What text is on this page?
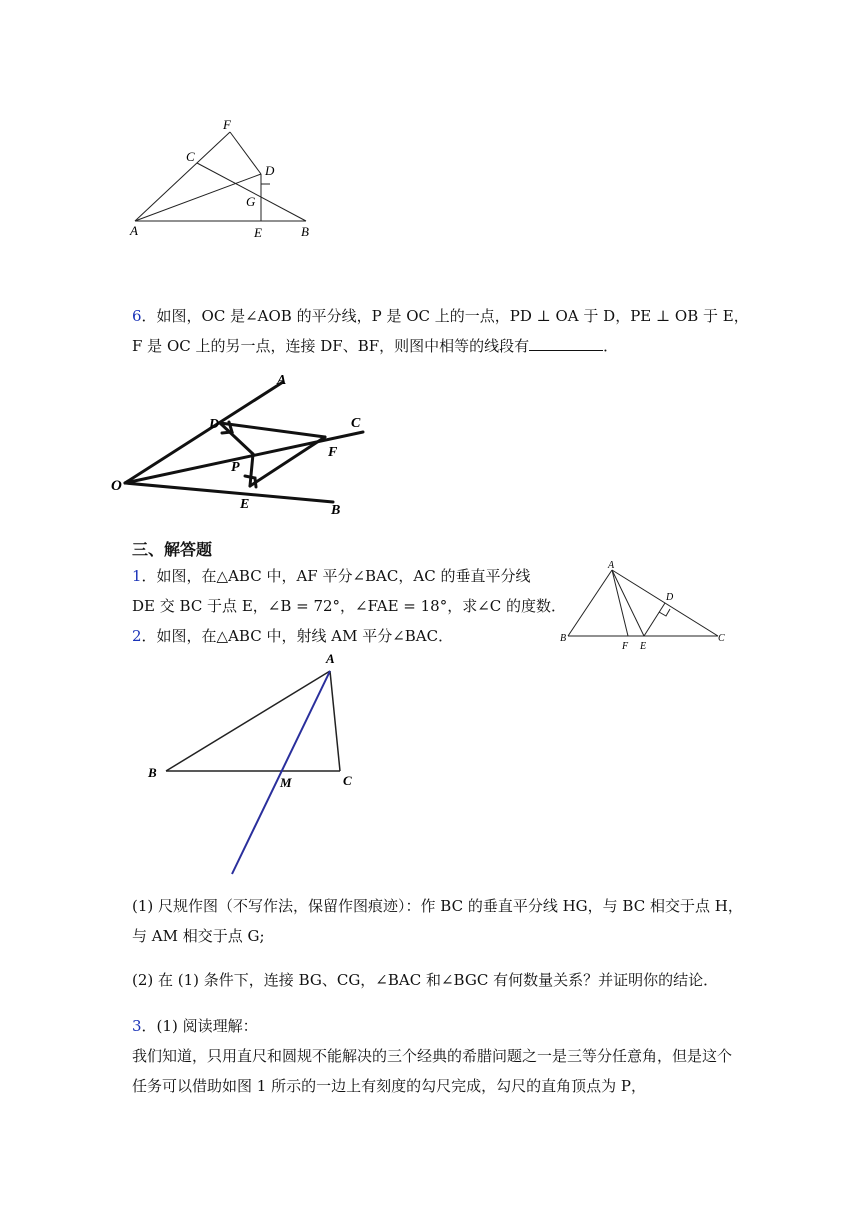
F
C
D
G
A	E	B
6．如图，OC 是∠AOB 的平分线，P 是 OC 上的一点，PD ⊥ OA 于 D，PE ⊥ OB 于 E，
F 是 OC 上的另一点，连接 DF、BF，则图中相等的线段有	．
A
C
D
F
P
O
E	B
三、解答题
1．如图，在△ABC 中，AF 平分∠BAC，AC 的垂直平分线
DE 交 BC 于点 E，∠B = 72°，∠FAE = 18°，求∠C 的度数．
A
D
B
F E
C
2．如图，在△ABC 中，射线 AM 平分∠BAC．
A
B
M	C
(1) 尺规作图（不写作法，保留作图痕迹）：作 BC 的垂直平分线 HG，与 BC 相交于点 H，
与 AM 相交于点 G;
(2) 在 (1) 条件下，连接 BG、CG，∠BAC 和∠BGC 有何数量关系？并证明你的结论．
3．(1) 阅读理解：
我们知道，只用直尺和圆规不能解决的三个经典的希腊问题之一是三等分任意角，但是这个
任务可以借助如图 1 所示的一边上有刻度的勾尺完成，勾尺的直角顶点为 P，
